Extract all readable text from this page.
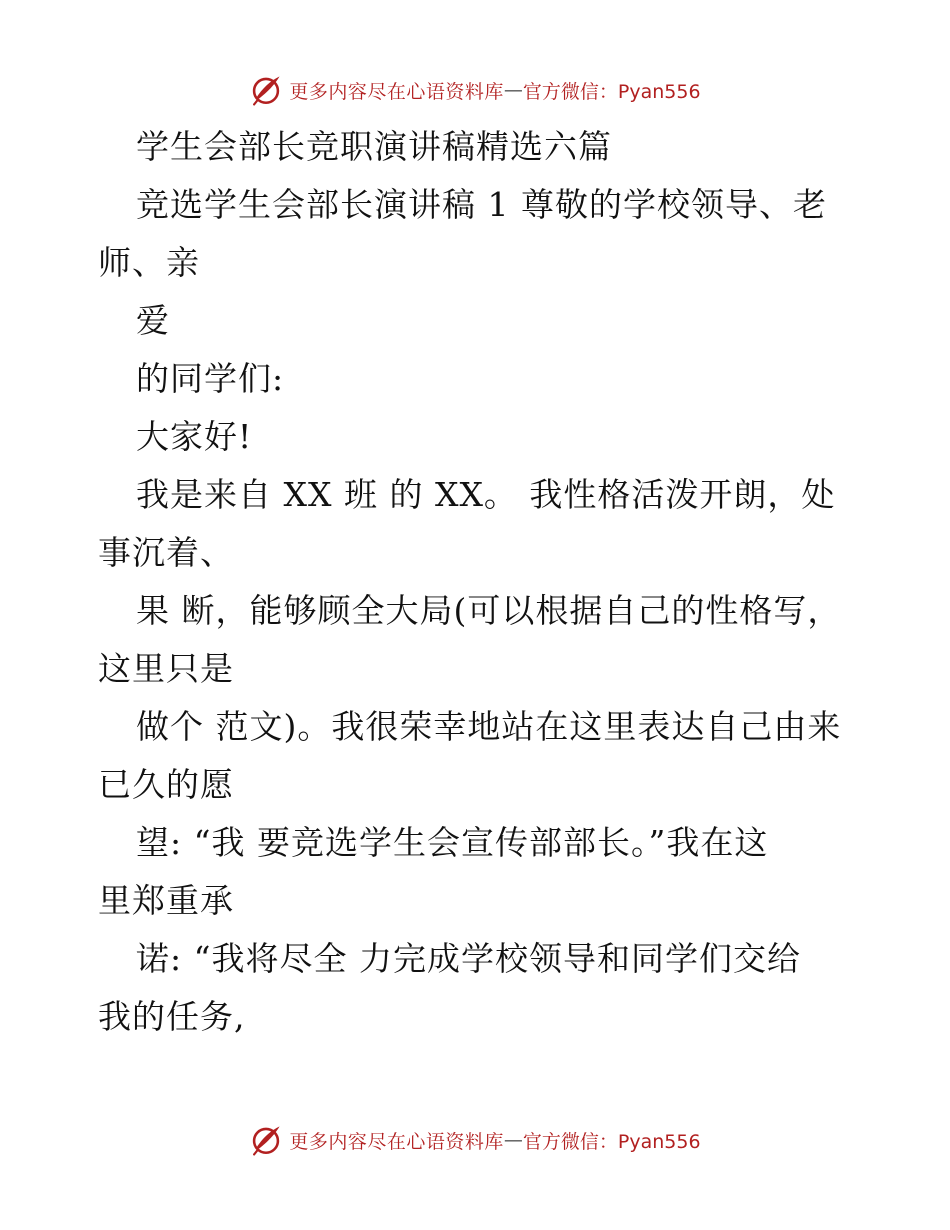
更多内容尽在心语资料库 — 官方微信：Pyan556
学生会部长竞职演讲稿精选六篇
竞选学生会部长演讲稿 1 尊敬的学校领导、老
师、亲
爱
的同学们:
大家好!
我是来自 XX 班 的 XX。 我性格活泼开朗，处
事沉着、
果 断，能够顾全大局(可以根据自己的性格写，
这里只是
做个 范文)。我很荣幸地站在这里表达自己由来
已久的愿
望: “我 要竞选学生会宣传部部长。”我在这
里郑重承
诺: “我将尽全 力完成学校领导和同学们交给
我的任务,
更多内容尽在心语资料库 — 官方微信：Pyan556
